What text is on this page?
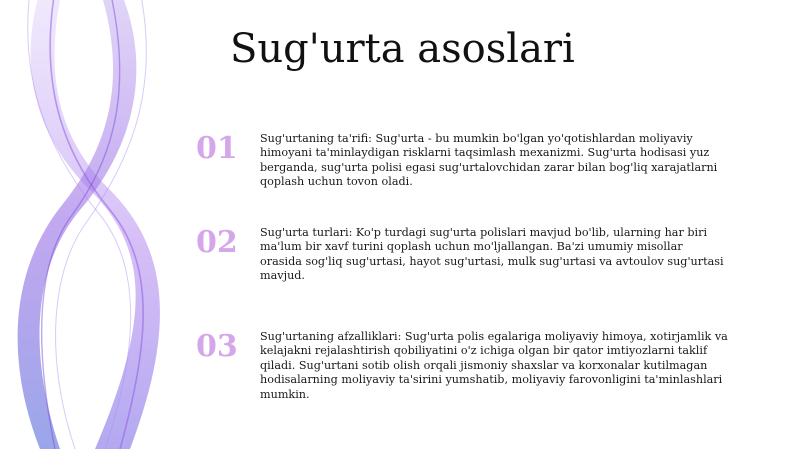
Sug'urta asoslari
01	Sug'urtaning ta'rifi: Sug'urta - bu mumkin bo'lgan yo'qotishlardan moliyaviy himoyani ta'minlaydigan risklarni taqsimlash mexanizmi. Sug'urta hodisasi yuz berganda, sug'urta polisi egasi sug'urtalovchidan zarar bilan bog'liq xarajatlarni qoplash uchun tovon oladi.

02	Sug'urta turlari: Ko'p turdagi sug'urta polislari mavjud bo'lib, ularning har biri ma'lum bir xavf turini qoplash uchun mo'ljallangan. Ba'zi umumiy misollar orasida sog'liq sug'urtasi, hayot sug'urtasi, mulk sug'urtasi va avtoulov sug'urtasi mavjud.

03	Sug'urtaning afzalliklari: Sug'urta polis egalariga moliyaviy himoya, xotirjamlik va kelajakni rejalashtirish qobiliyatini o'z ichiga olgan bir qator imtiyozlarni taklif qiladi. Sug'urtani sotib olish orqali jismoniy shaxslar va korxonalar kutilmagan hodisalarning moliyaviy ta'sirini yumshatib, moliyaviy farovonligini ta'minlashlari mumkin.
